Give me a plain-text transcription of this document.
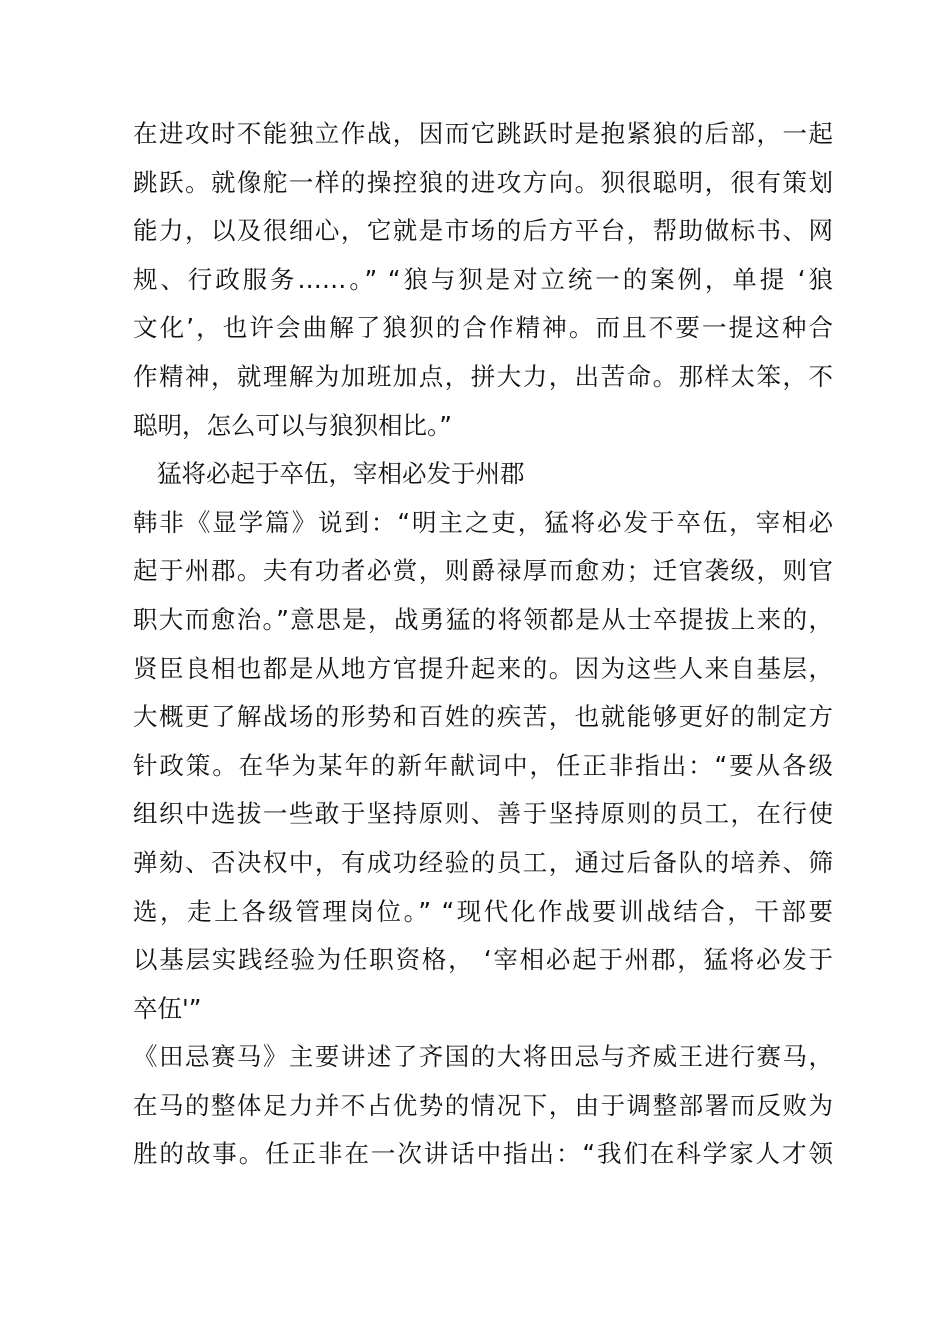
在进攻时不能独立作战，因而它跳跃时是抱紧狼的后部，一起
跳跃。就像舵一样的操控狼的进攻方向。狈很聪明，很有策划
能力，以及很细心，它就是市场的后方平台，帮助做标书、网
规、行政服务……。” “狼与狈是对立统一的案例，单提 ‘狼
文化’，也许会曲解了狼狈的合作精神。而且不要一提这种合
作精神，就理解为加班加点，拼大力，出苦命。那样太笨，不
聪明，怎么可以与狼狈相比。”
猛将必起于卒伍，宰相必发于州郡
韩非《显学篇》说到：“明主之吏，猛将必发于卒伍，宰相必
起于州郡。夫有功者必赏，则爵禄厚而愈劝；迁官袭级，则官
职大而愈治。”意思是，战勇猛的将领都是从士卒提拔上来的，
贤臣良相也都是从地方官提升起来的。因为这些人来自基层，
大概更了解战场的形势和百姓的疾苦，也就能够更好的制定方
针政策。在华为某年的新年献词中，任正非指出：“要从各级
组织中选拔一些敢于坚持原则、善于坚持原则的员工，在行使
弹劾、否决权中，有成功经验的员工，通过后备队的培养、筛
选，走上各级管理岗位。” “现代化作战要训战结合，干部要
以基层实践经验为任职资格， ‘宰相必起于州郡，猛将必发于
卒伍'”
《田忌赛马》主要讲述了齐国的大将田忌与齐威王进行赛马，
在马的整体足力并不占优势的情况下，由于调整部署而反败为
胜的故事。任正非在一次讲话中指出：“我们在科学家人才领
